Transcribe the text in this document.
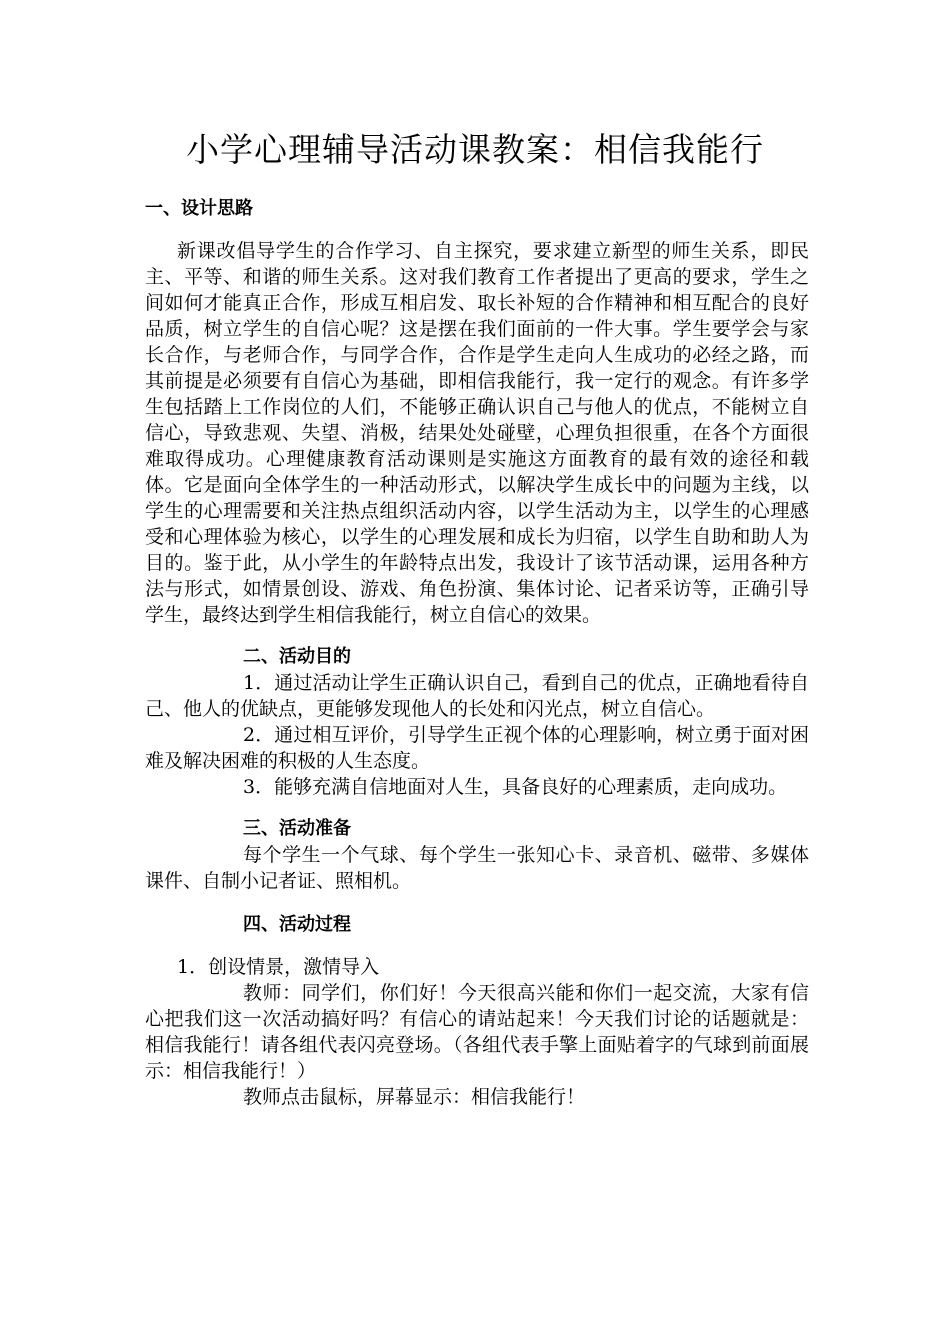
小学心理辅导活动课教案：相信我能行
一、设计思路

新课改倡导学生的合作学习、自主探究，要求建立新型的师生关系，即民主、平等、和谐的师生关系。这对我们教育工作者提出了更高的要求，学生之间如何才能真正合作，形成互相启发、取长补短的合作精神和相互配合的良好品质，树立学生的自信心呢？这是摆在我们面前的一件大事。学生要学会与家长合作，与老师合作，与同学合作，合作是学生走向人生成功的必经之路，而其前提是必须要有自信心为基础，即相信我能行，我一定行的观念。有许多学生包括踏上工作岗位的人们，不能够正确认识自己与他人的优点，不能树立自信心，导致悲观、失望、消极，结果处处碰壁，心理负担很重，在各个方面很难取得成功。心理健康教育活动课则是实施这方面教育的最有效的途径和载体。它是面向全体学生的一种活动形式，以解决学生成长中的问题为主线，以学生的心理需要和关注热点组织活动内容，以学生活动为主，以学生的心理感受和心理体验为核心，以学生的心理发展和成长为归宿，以学生自助和助人为目的。鉴于此，从小学生的年龄特点出发，我设计了该节活动课，运用各种方法与形式，如情景创设、游戏、角色扮演、集体讨论、记者采访等，正确引导学生，最终达到学生相信我能行，树立自信心的效果。

二、活动目的

1．通过活动让学生正确认识自己，看到自己的优点，正确地看待自己、他人的优缺点，更能够发现他人的长处和闪光点，树立自信心。

2．通过相互评价，引导学生正视个体的心理影响，树立勇于面对困难及解决困难的积极的人生态度。

3．能够充满自信地面对人生，具备良好的心理素质，走向成功。

三、活动准备

每个学生一个气球、每个学生一张知心卡、录音机、磁带、多媒体课件、自制小记者证、照相机。

四、活动过程

1．创设情景，激情导入

教师：同学们，你们好！今天很高兴能和你们一起交流，大家有信心把我们这一次活动搞好吗？有信心的请站起来！今天我们讨论的话题就是：相信我能行！请各组代表闪亮登场。（各组代表手擎上面贴着字的气球到前面展示：相信我能行！）

教师点击鼠标，屏幕显示：相信我能行！
